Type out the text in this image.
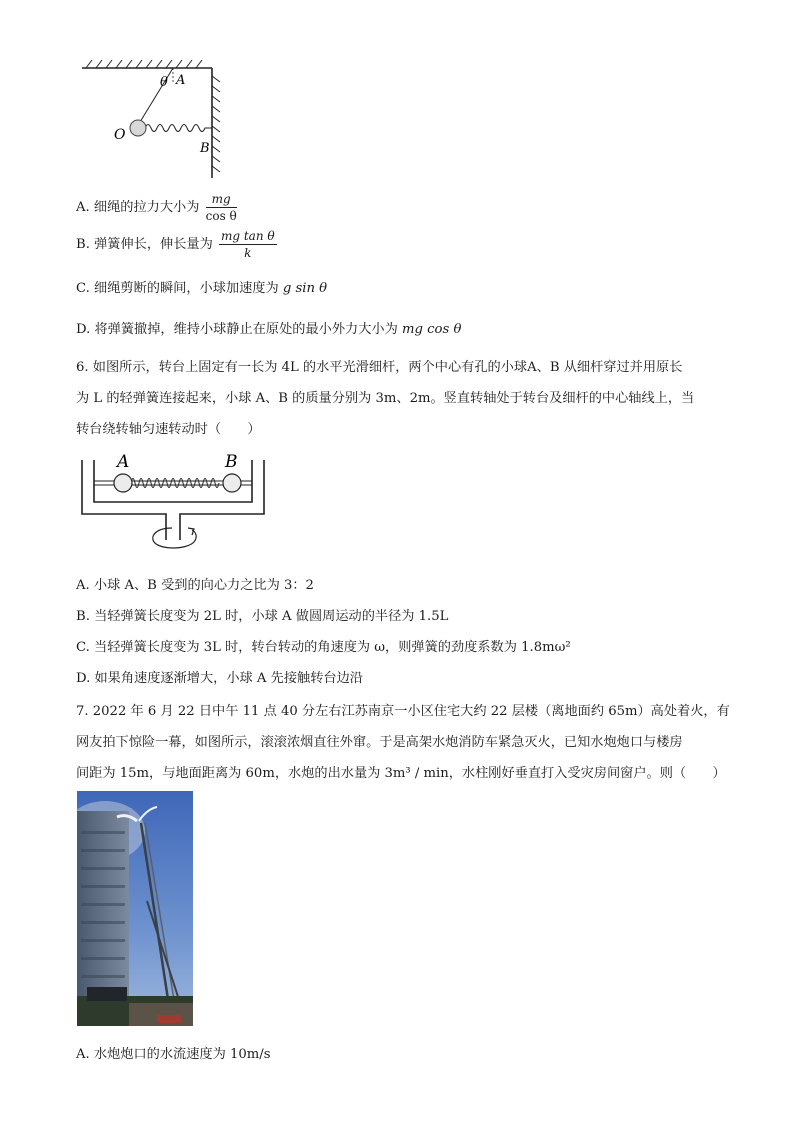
θ A
O
B
A. 细绳的拉力大小为 $\frac{mg}{\text{cos θ}}$
B. 弹簧伸长，伸长量为 $\frac{\text{mg tan θ}}{k}$
C. 细绳剪断的瞬间，小球加速度为 g sin θ
D. 将弹簧撤掉，维持小球静止在原处的最小外力大小为 mg cos θ
6. 如图所示，转台上固定有一长为 4L 的水平光滑细杆，两个中心有孔的小球A、B 从细杆穿过并用原长
为 L 的轻弹簧连接起来，小球 A、B 的质量分别为 3m、2m。竖直转轴处于转台及细杆的中心轴线上，当
转台绕转轴匀速转动时（　　）
A	B
A. 小球 A、B 受到的向心力之比为 3：2
B. 当轻弹簧长度变为 2L 时，小球 A 做圆周运动的半径为 1.5L
C. 当轻弹簧长度变为 3L 时，转台转动的角速度为 ω，则弹簧的劲度系数为 1.8mω²
D. 如果角速度逐渐增大，小球 A 先接触转台边沿
7. 2022 年 6 月 22 日中午 11 点 40 分左右江苏南京一小区住宅大约 22 层楼（离地面约 65m）高处着火，有
网友拍下惊险一幕，如图所示，滚滚浓烟直往外窜。于是高架水炮消防车紧急灭火，已知水炮炮口与楼房
间距为 15m，与地面距离为 60m，水炮的出水量为 3m³ / min，水柱刚好垂直打入受灾房间窗户。则（　　）
A. 水炮炮口的水流速度为 10m/s
